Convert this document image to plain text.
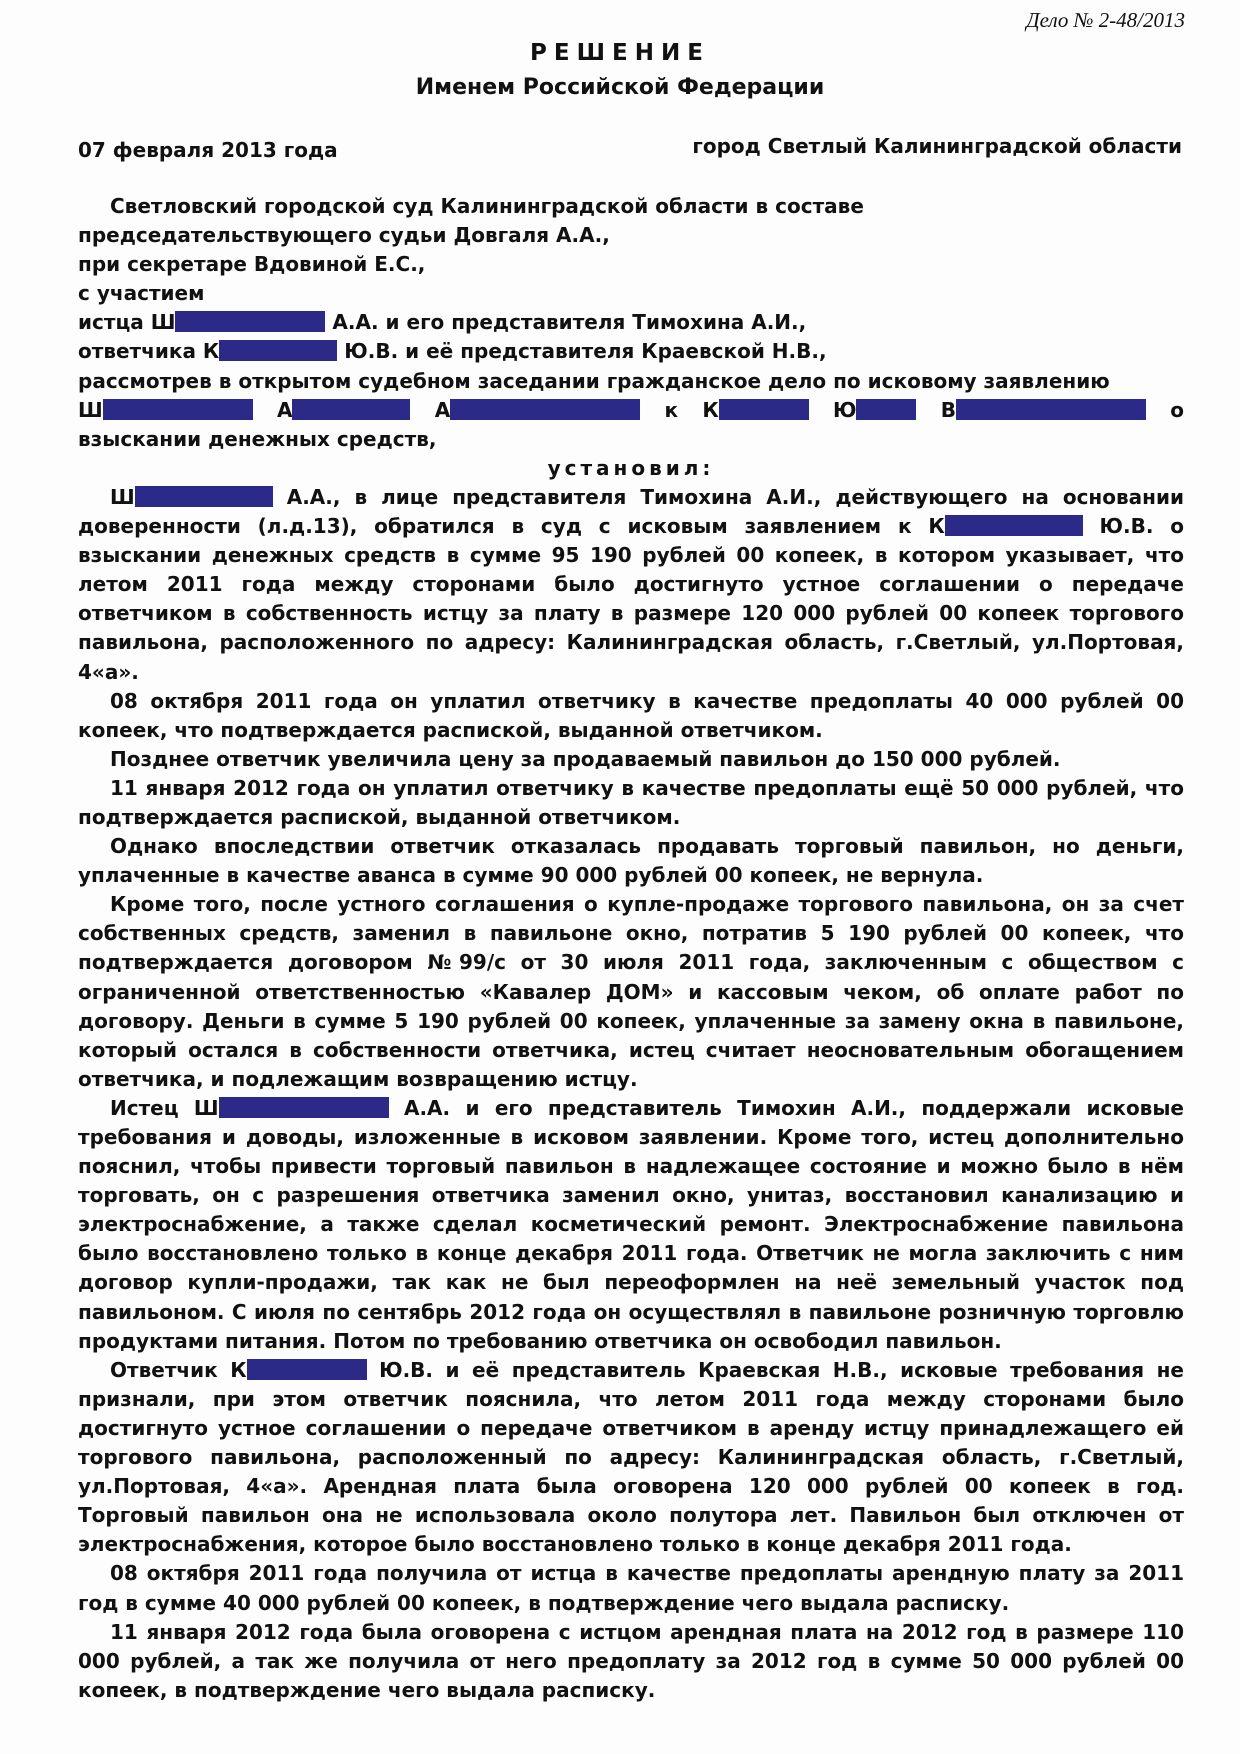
Дело № 2-48/2013
РЕШЕНИЕ
Именем Российской Федерации
07 февраля 2013 года	город Светлый Калининградской области

Светловский городской суд Калининградской области в составе

председательствующего судьи Довгаля А.А.,

при секретаре Вдовиной Е.С.,

с участием

истца Ш	А.А. и его представителя Тимохина А.И.,

ответчика К	Ю.В. и её представителя Краевской Н.В.,

рассмотрев в открытом судебном заседании гражданское дело по исковому заявлению

Ш	А	А	к К	Ю	В	о взыскании денежных средств,

установил:

Ш	А.А., в лице представителя Тимохина А.И., действующего на основании доверенности (л.д.13), обратился в суд с исковым заявлением к К	Ю.В. о взыскании денежных средств в сумме 95 190 рублей 00 копеек, в котором указывает, что летом 2011 года между сторонами было достигнуто устное соглашении о передаче ответчиком в собственность истцу за плату в размере 120 000 рублей 00 копеек торгового павильона, расположенного по адресу: Калининградская область, г.Светлый, ул.Портовая, 4«а».

08 октября 2011 года он уплатил ответчику в качестве предоплаты 40 000 рублей 00 копеек, что подтверждается распиской, выданной ответчиком.

Позднее ответчик увеличила цену за продаваемый павильон до 150 000 рублей.

11 января 2012 года он уплатил ответчику в качестве предоплаты ещё 50 000 рублей, что подтверждается распиской, выданной ответчиком.

Однако впоследствии ответчик отказалась продавать торговый павильон, но деньги, уплаченные в качестве аванса в сумме 90 000 рублей 00 копеек, не вернула.

Кроме того, после устного соглашения о купле-продаже торгового павильона, он за счет собственных средств, заменил в павильоне окно, потратив 5 190 рублей 00 копеек, что подтверждается договором №99/с от 30 июля 2011 года, заключенным с обществом с ограниченной ответственностью «Кавалер ДОМ» и кассовым чеком, об оплате работ по договору. Деньги в сумме 5 190 рублей 00 копеек, уплаченные за замену окна в павильоне, который остался в собственности ответчика, истец считает неосновательным обогащением ответчика, и подлежащим возвращению истцу.

Истец Ш	А.А. и его представитель Тимохин А.И., поддержали исковые требования и доводы, изложенные в исковом заявлении. Кроме того, истец дополнительно пояснил, чтобы привести торговый павильон в надлежащее состояние и можно было в нём торговать, он с разрешения ответчика заменил окно, унитаз, восстановил канализацию и электроснабжение, а также сделал косметический ремонт. Электроснабжение павильона было восстановлено только в конце декабря 2011 года. Ответчик не могла заключить с ним договор купли-продажи, так как не был переоформлен на неё земельный участок под павильоном. С июля по сентябрь 2012 года он осуществлял в павильоне розничную торговлю продуктами питания. Потом по требованию ответчика он освободил павильон.

Ответчик К	Ю.В. и её представитель Краевская Н.В., исковые требования не признали, при этом ответчик пояснила, что летом 2011 года между сторонами было достигнуто устное соглашении о передаче ответчиком в аренду истцу принадлежащего ей торгового павильона, расположенный по адресу: Калининградская область, г.Светлый, ул.Портовая, 4«а». Арендная плата была оговорена 120 000 рублей 00 копеек в год. Торговый павильон она не использовала около полутора лет. Павильон был отключен от электроснабжения, которое было восстановлено только в конце декабря 2011 года.

08 октября 2011 года получила от истца в качестве предоплаты арендную плату за 2011 год в сумме 40 000 рублей 00 копеек, в подтверждение чего выдала расписку.

11 января 2012 года была оговорена с истцом арендная плата на 2012 год в размере 110 000 рублей, а так же получила от него предоплату за 2012 год в сумме 50 000 рублей 00 копеек, в подтверждение чего выдала расписку.
